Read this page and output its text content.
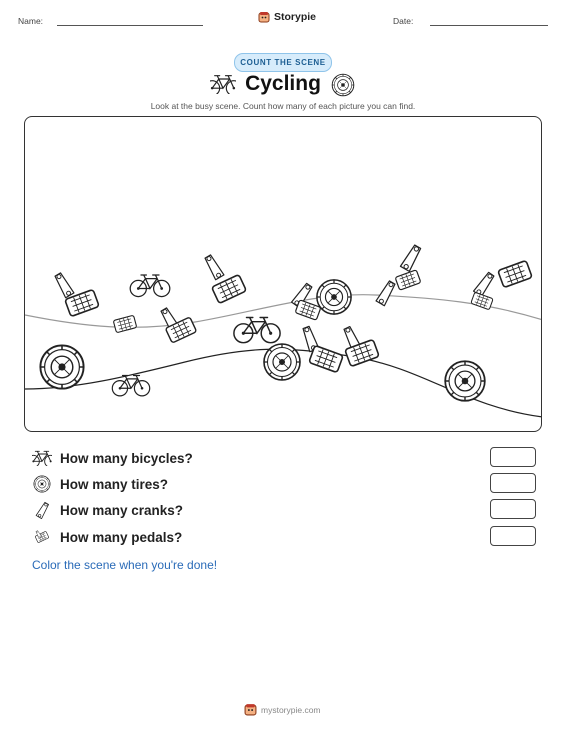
Name:	Storypie	Date:
COUNT THE SCENE
Cycling
Look at the busy scene. Count how many of each picture you can find.
How many bicycles?
How many tires?
How many cranks?
How many pedals?
Color the scene when you're done!
mystorypie.com
